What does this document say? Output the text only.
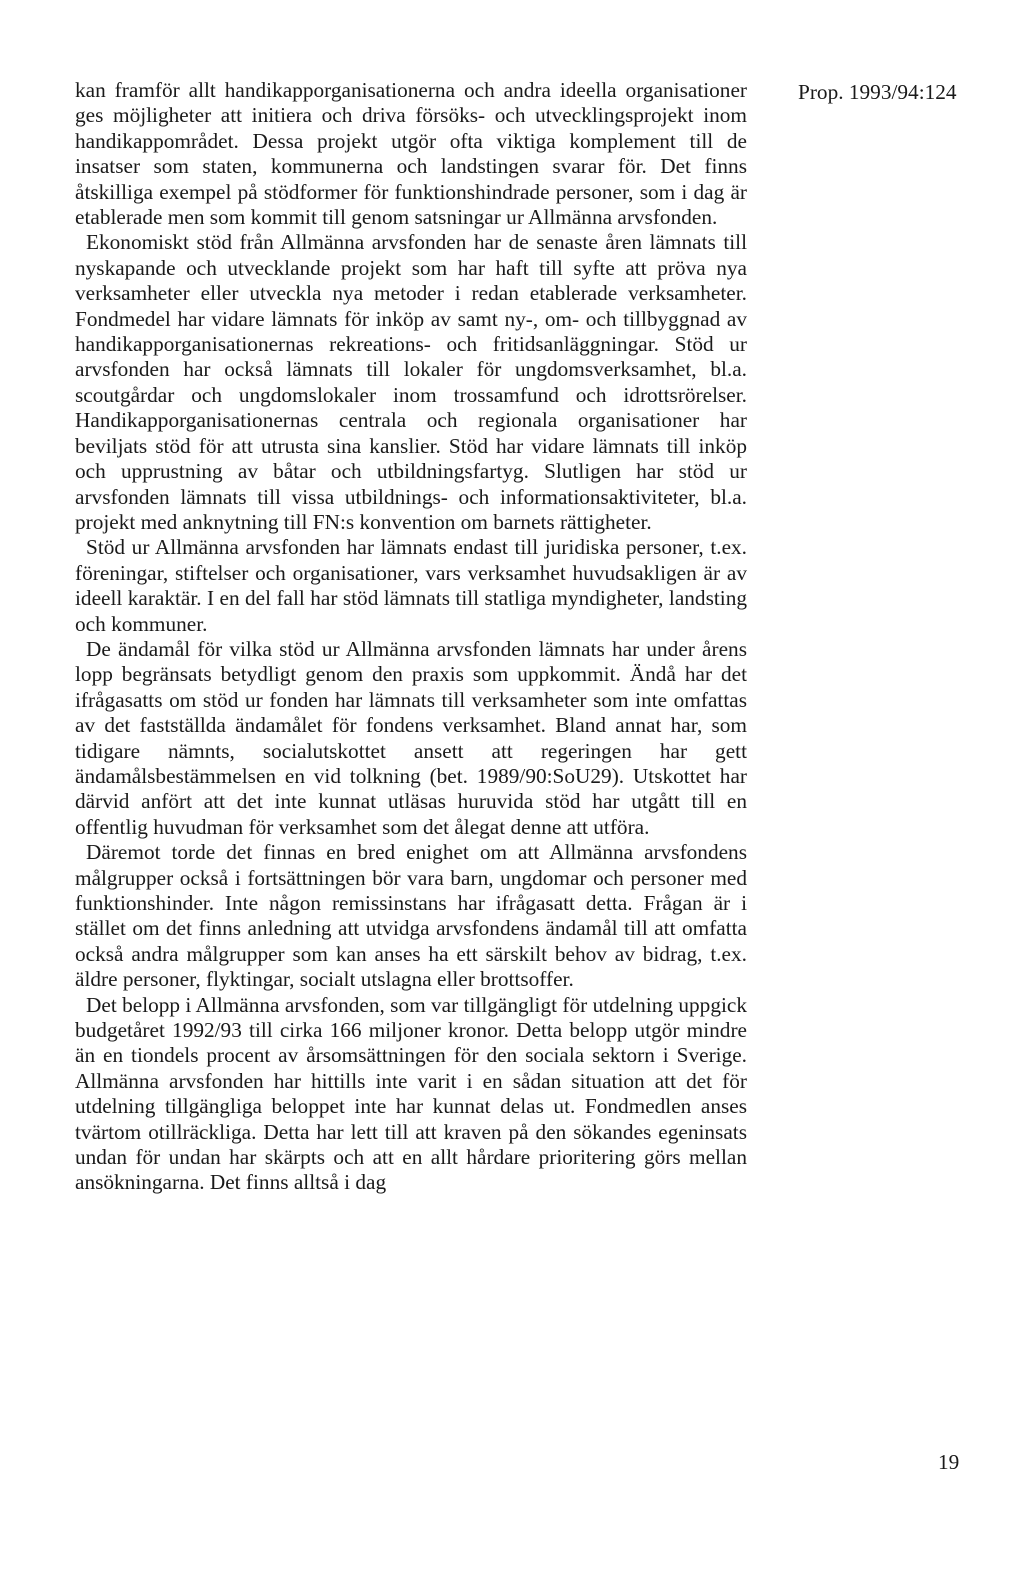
Prop. 1993/94:124

kan framför allt handikapporganisationerna och andra ideella organisationer ges möjligheter att initiera och driva försöks- och utvecklingsprojekt inom handikappområdet. Dessa projekt utgör ofta viktiga komplement till de insatser som staten, kommunerna och landstingen svarar för. Det finns åtskilliga exempel på stödformer för funktionshindrade personer, som i dag är etablerade men som kommit till genom satsningar ur Allmänna arvsfonden.

Ekonomiskt stöd från Allmänna arvsfonden har de senaste åren lämnats till nyskapande och utvecklande projekt som har haft till syfte att pröva nya verksamheter eller utveckla nya metoder i redan etablerade verksamheter. Fondmedel har vidare lämnats för inköp av samt ny-, om- och tillbyggnad av handikapporganisationernas rekreations- och fritidsanläggningar. Stöd ur arvsfonden har också lämnats till lokaler för ungdomsverksamhet, bl.a. scoutgårdar och ungdomslokaler inom trossamfund och idrottsrörelser. Handikapporganisationernas centrala och regionala organisationer har beviljats stöd för att utrusta sina kanslier. Stöd har vidare lämnats till inköp och upprustning av båtar och utbildningsfartyg. Slutligen har stöd ur arvsfonden lämnats till vissa utbildnings- och informationsaktiviteter, bl.a. projekt med anknytning till FN:s konvention om barnets rättigheter.

Stöd ur Allmänna arvsfonden har lämnats endast till juridiska personer, t.ex. föreningar, stiftelser och organisationer, vars verksamhet huvudsakligen är av ideell karaktär. I en del fall har stöd lämnats till statliga myndigheter, landsting och kommuner.

De ändamål för vilka stöd ur Allmänna arvsfonden lämnats har under årens lopp begränsats betydligt genom den praxis som uppkommit. Ändå har det ifrågasatts om stöd ur fonden har lämnats till verksamheter som inte omfattas av det fastställda ändamålet för fondens verksamhet. Bland annat har, som tidigare nämnts, socialutskottet ansett att regeringen har gett ändamålsbestämmelsen en vid tolkning (bet. 1989/90:SoU29). Utskottet har därvid anfört att det inte kunnat utläsas huruvida stöd har utgått till en offentlig huvudman för verksamhet som det ålegat denne att utföra.

Däremot torde det finnas en bred enighet om att Allmänna arvsfondens målgrupper också i fortsättningen bör vara barn, ungdomar och personer med funktionshinder. Inte någon remissinstans har ifrågasatt detta. Frågan är i stället om det finns anledning att utvidga arvsfondens ändamål till att omfatta också andra målgrupper som kan anses ha ett särskilt behov av bidrag, t.ex. äldre personer, flyktingar, socialt utslagna eller brottsoffer.

Det belopp i Allmänna arvsfonden, som var tillgängligt för utdelning uppgick budgetåret 1992/93 till cirka 166 miljoner kronor. Detta belopp utgör mindre än en tiondels procent av årsomsättningen för den sociala sektorn i Sverige. Allmänna arvsfonden har hittills inte varit i en sådan situation att det för utdelning tillgängliga beloppet inte har kunnat delas ut. Fondmedlen anses tvärtom otillräckliga. Detta har lett till att kraven på den sökandes egeninsats undan för undan har skärpts och att en allt hårdare prioritering görs mellan ansökningarna. Det finns alltså i dag

19
